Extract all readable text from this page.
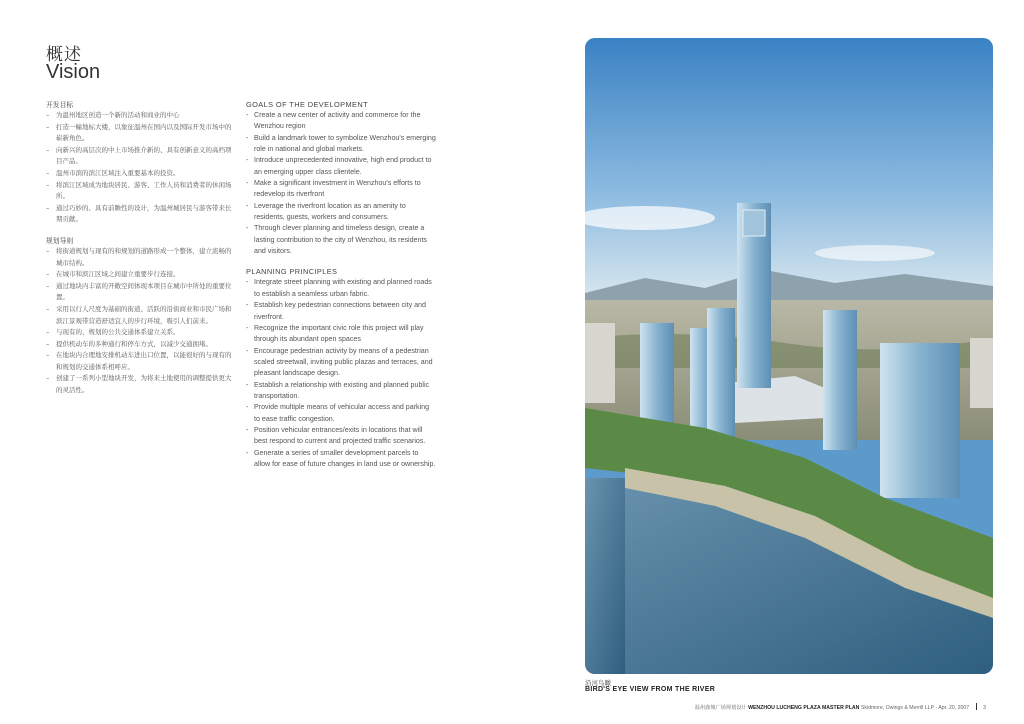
概述
Vision
开发目标
– 为温州地区创造一个新的活动和商业的中心
– 打造一幢地标大楼，以象征温州在国内以及国际开发市场中的崭新角色。
– 向新兴的高层次的中上市场推介新的、具有创新意义的高档项目产品。
– 温州市滨的滨江区域注入重要基本的投资。
– 将滨江区域成为地块居民、游客、工作人员和消费者的休闲场所。
– 通过巧妙的、具有前瞻性的设计，为温州城居民与游客带来长期贡献。
规划导则
– 将街道规划与现有的和规划的道路形成一个整体，建立流畅的城市结构。
– 在城市和滨江区域之间建立重要步行连接。
– 通过地块内丰富的开敞空间体现本项目在城市中所处的重要位置。
– 采用以行人尺度为基础的街道、活跃的沿街商业和市民广场和滨江景观带营造舒适宜人的步行环境，吸引人们前来。
– 与现有的、规划的公共交通体系建立关系。
– 提供机动车的多种通行和停车方式，以减少交通拥堵。
– 在地块内合理地安排机动车进出口位置，以能很好的与现有的和规划的交通体系相呼应。
– 创建了一系列小型地块开发，为将来土地使用的调整提供更大的灵活性。
GOALS OF THE DEVELOPMENT
- Create a new center of activity and commerce for the Wenzhou region
- Build a landmark tower to symbolize Wenzhou's emerging role in national and global markets.
- Introduce unprecedented innovative, high end product to an emerging upper class clientele.
- Make a significant investment in Wenzhou's efforts to redevelop its riverfront
- Leverage the riverfront location as an amenity to residents, guests, workers and consumers.
- Through clever planning and timeless design, create a lasting contribution to the city of Wenzhou, its residents and visitors.
PLANNING PRINCIPLES
- Integrate street planning with existing and planned roads to establish a seamless urban fabric.
- Establish key pedestrian connections between city and riverfront.
- Recognize the important civic role this project will play through its abundant open spaces
- Encourage pedestrian activity by means of a pedestrian scaled streetwall, inviting public plazas and terraces, and pleasant landscape design.
- Establish a relationship with existing and planned public transportation.
- Provide multiple means of vehicular access and parking to ease traffic congestion.
- Position vehicular entrances/exits in locations that will best respond to current and projected traffic scenarios.
- Generate a series of smaller development parcels to allow for ease of future changes in land use or ownership.
沿河鸟瞰
BIRD'S EYE VIEW FROM THE RIVER
温州鹿城广场规划设计 WENZHOU LUCHENG PLAZA MASTER PLAN Skidmore, Owings & Merrill LLP - Apr. 20, 2007	3
